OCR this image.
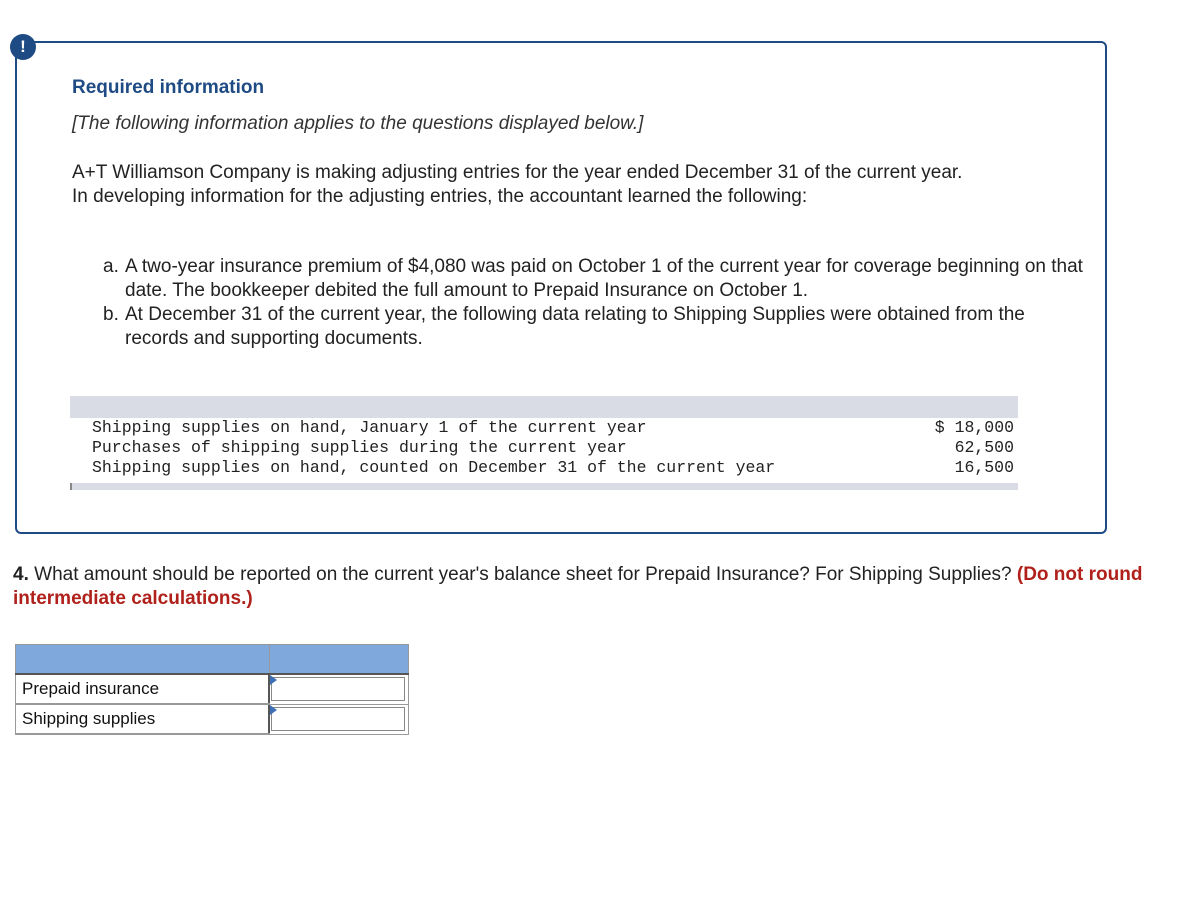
!
Required information
[The following information applies to the questions displayed below.]
A+T Williamson Company is making adjusting entries for the year ended December 31 of the current year.
In developing information for the adjusting entries, the accountant learned the following:
a. A two-year insurance premium of $4,080 was paid on October 1 of the current year for coverage beginning on that date. The bookkeeper debited the full amount to Prepaid Insurance on October 1.
b. At December 31 of the current year, the following data relating to Shipping Supplies were obtained from the records and supporting documents.
Shipping supplies on hand, January 1 of the current year	$ 18,000
Purchases of shipping supplies during the current year	62,500
Shipping supplies on hand, counted on December 31 of the current year	16,500
4. What amount should be reported on the current year's balance sheet for Prepaid Insurance? For Shipping Supplies? (Do not round intermediate calculations.)

Prepaid insurance	

Shipping supplies	
